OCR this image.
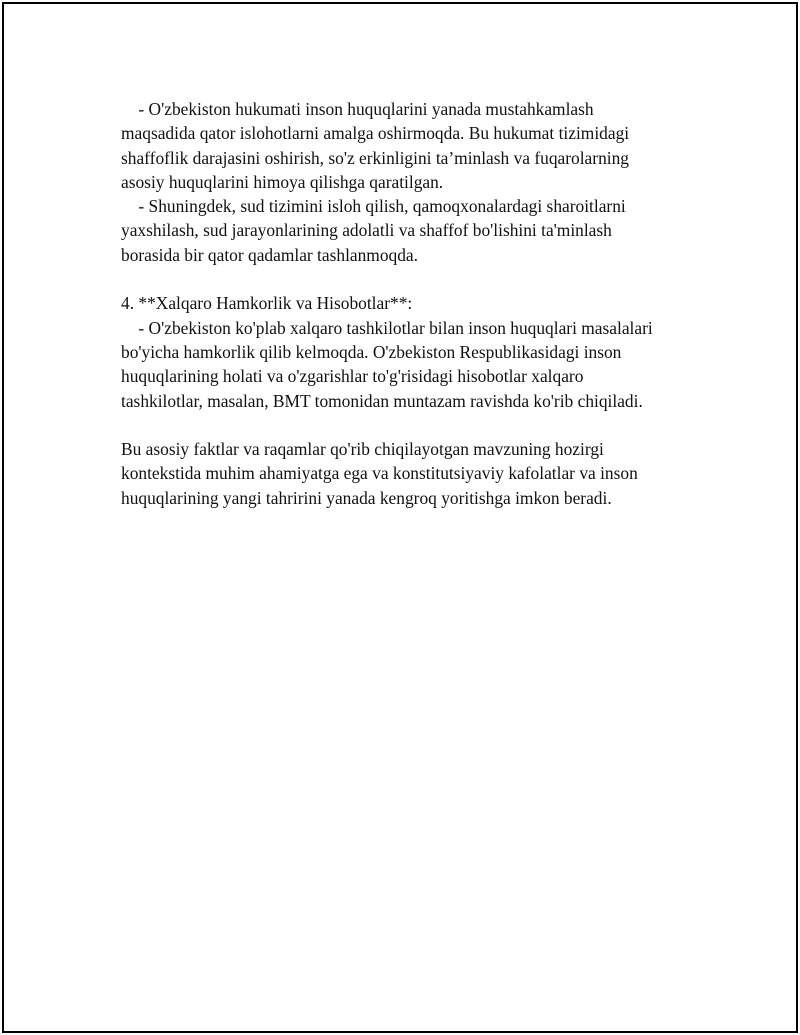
- O'zbekiston hukumati inson huquqlarini yanada mustahkamlash
maqsadida qator islohotlarni amalga oshirmoqda. Bu hukumat tizimidagi
shaffoflik darajasini oshirish, so'z erkinligini ta’minlash va fuqarolarning
asosiy huquqlarini himoya qilishga qaratilgan.
- Shuningdek, sud tizimini isloh qilish, qamoqxonalardagi sharoitlarni
yaxshilash, sud jarayonlarining adolatli va shaffof bo'lishini ta'minlash
borasida bir qator qadamlar tashlanmoqda.
4. **Xalqaro Hamkorlik va Hisobotlar**:
- O'zbekiston ko'plab xalqaro tashkilotlar bilan inson huquqlari masalalari
bo'yicha hamkorlik qilib kelmoqda. O'zbekiston Respublikasidagi inson
huquqlarining holati va o'zgarishlar to'g'risidagi hisobotlar xalqaro
tashkilotlar, masalan, BMT tomonidan muntazam ravishda ko'rib chiqiladi.
Bu asosiy faktlar va raqamlar qo'rib chiqilayotgan mavzuning hozirgi
kontekstida muhim ahamiyatga ega va konstitutsiyaviy kafolatlar va inson
huquqlarining yangi tahririni yanada kengroq yoritishga imkon beradi.
